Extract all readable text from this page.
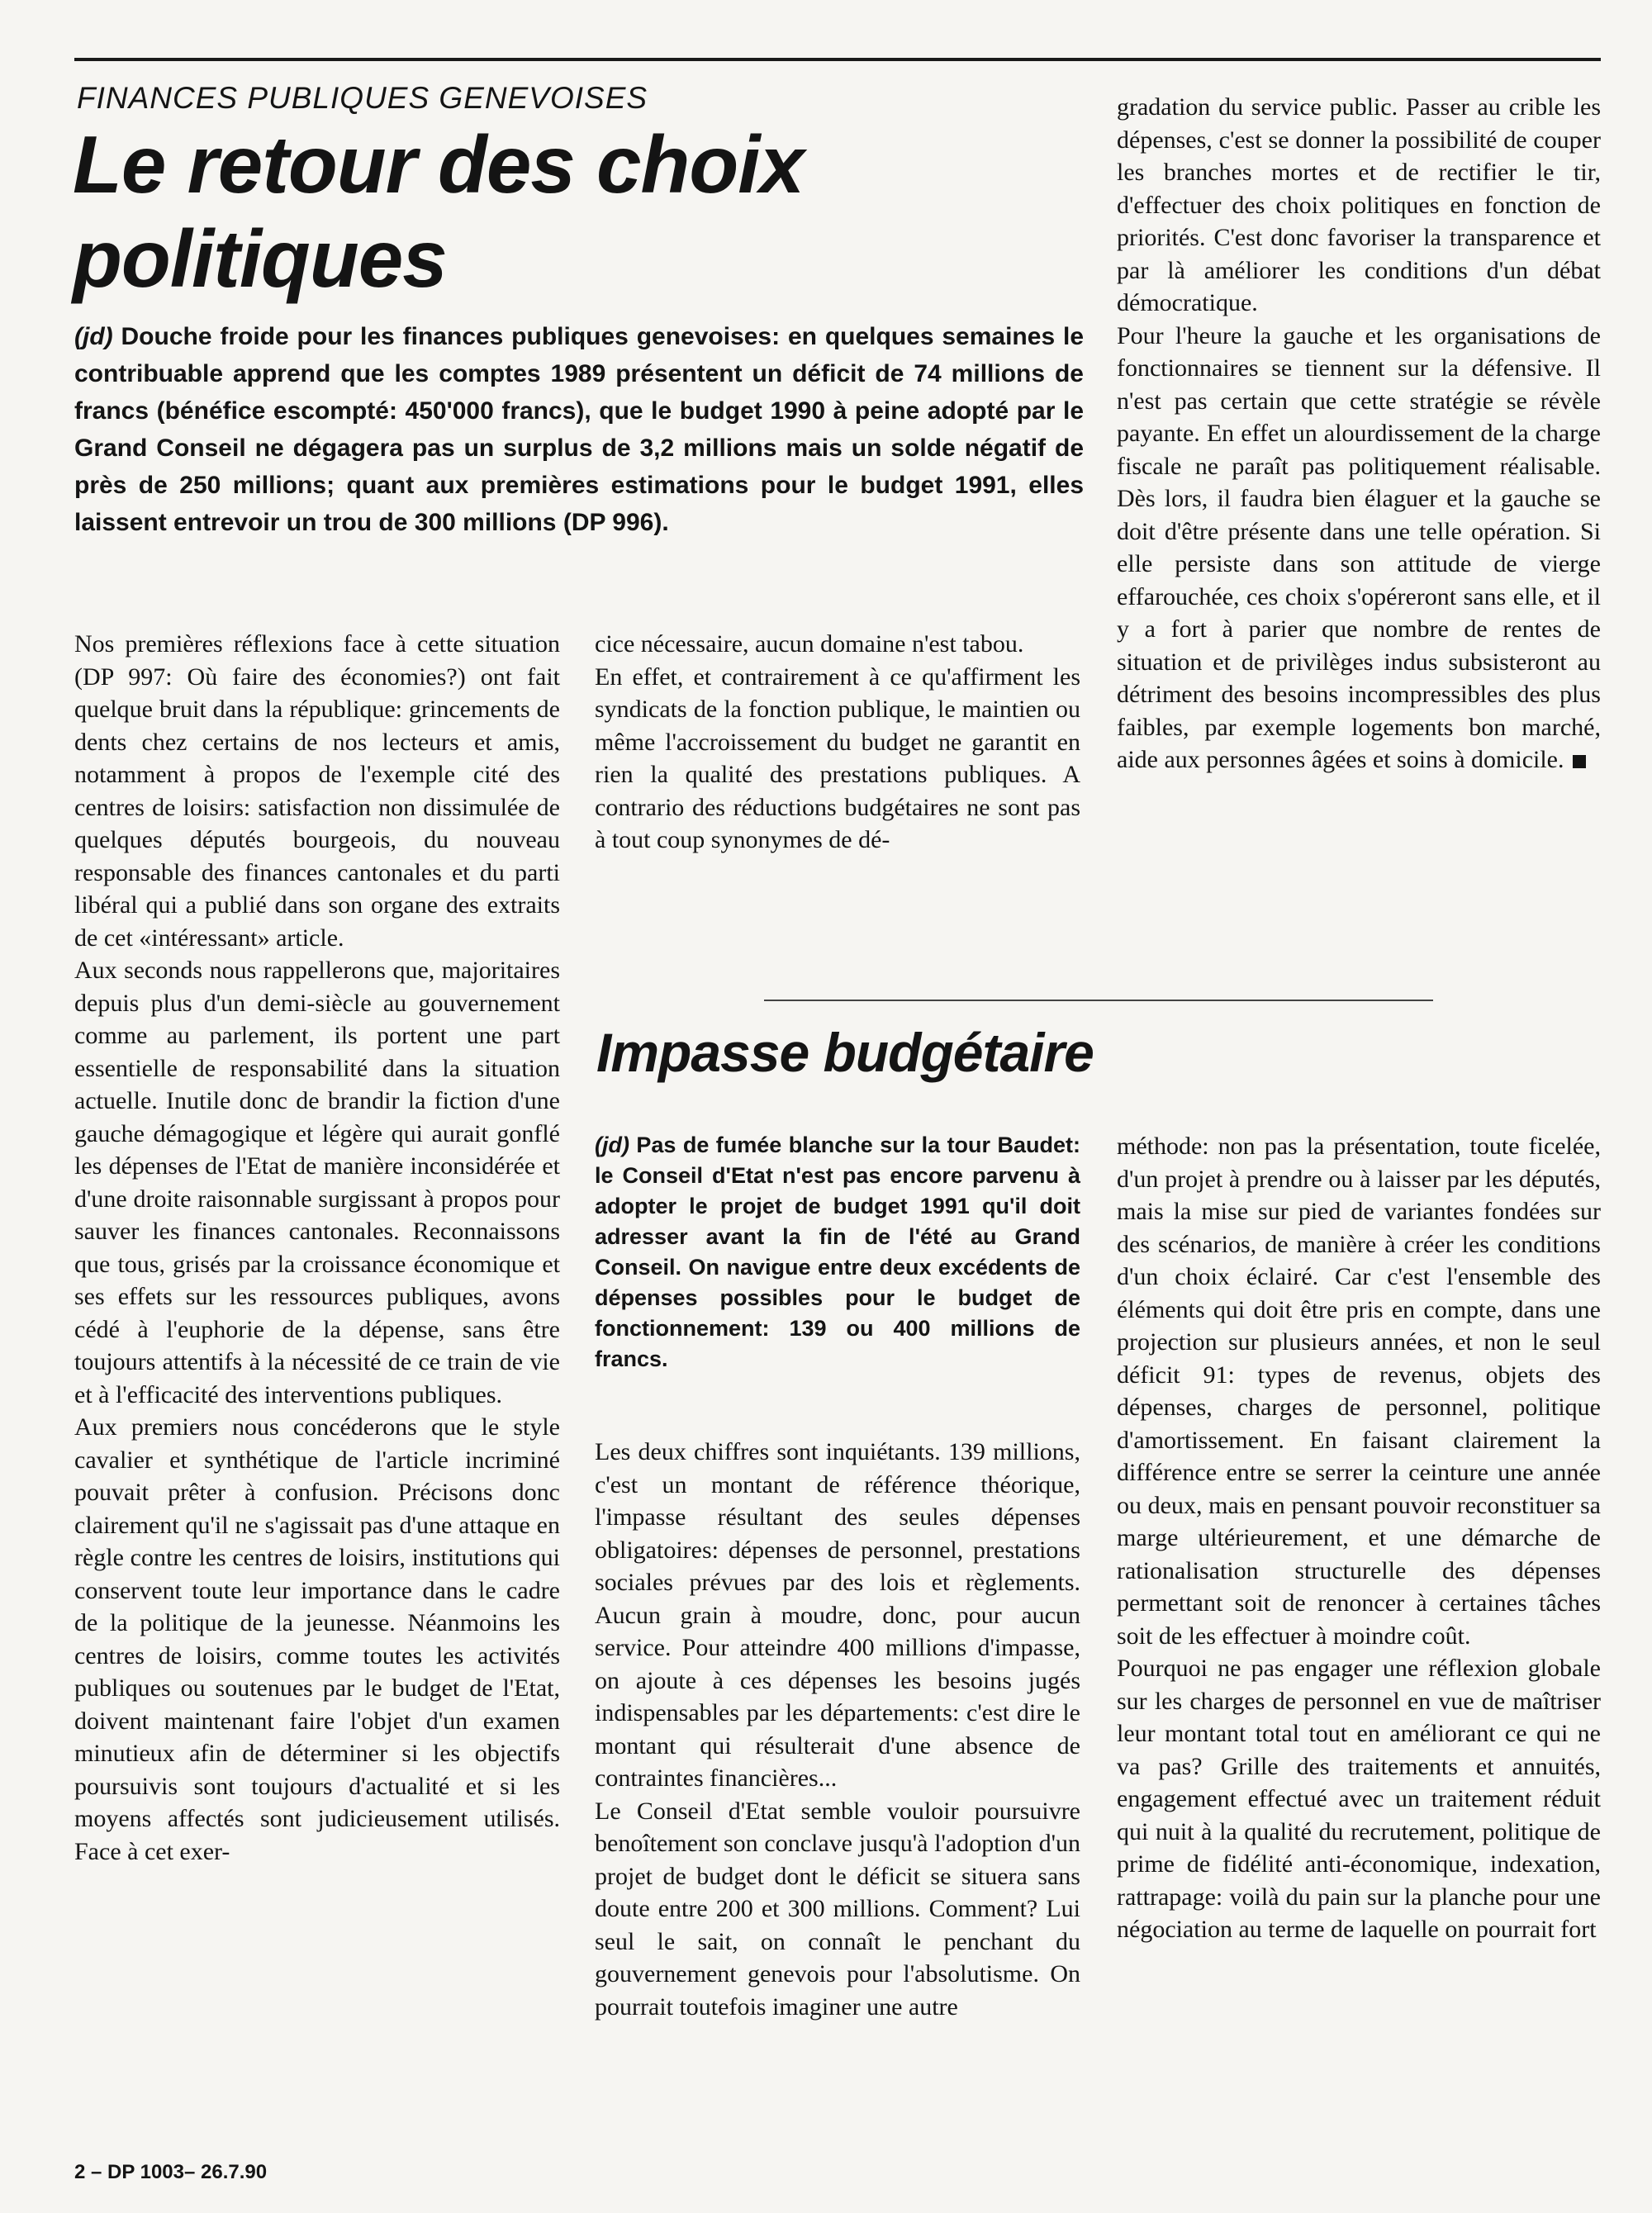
FINANCES PUBLIQUES GENEVOISES
Le retour des choix politiques

(jd) Douche froide pour les finances publiques genevoises: en quelques semaines le contribuable apprend que les comptes 1989 présentent un déficit de 74 millions de francs (bénéfice escompté: 450'000 francs), que le budget 1990 à peine adopté par le Grand Conseil ne dégagera pas un surplus de 3,2 millions mais un solde négatif de près de 250 millions; quant aux premières estimations pour le budget 1991, elles laissent entrevoir un trou de 300 millions (DP 996).

Nos premières réflexions face à cette situation (DP 997: Où faire des économies?) ont fait quelque bruit dans la république: grincements de dents chez certains de nos lecteurs et amis, notamment à propos de l'exemple cité des centres de loisirs: satisfaction non dissimulée de quelques députés bourgeois, du nouveau responsable des finances cantonales et du parti libéral qui a publié dans son organe des extraits de cet «intéressant» article.

Aux seconds nous rappellerons que, majoritaires depuis plus d'un demi-siècle au gouvernement comme au parlement, ils portent une part essentielle de responsabilité dans la situation actuelle. Inutile donc de brandir la fiction d'une gauche démagogique et légère qui aurait gonflé les dépenses de l'Etat de manière inconsidérée et d'une droite raisonnable surgissant à propos pour sauver les finances cantonales. Reconnaissons que tous, grisés par la croissance économique et ses effets sur les ressources publiques, avons cédé à l'euphorie de la dépense, sans être toujours attentifs à la nécessité de ce train de vie et à l'efficacité des interventions publiques.

Aux premiers nous concéderons que le style cavalier et synthétique de l'article incriminé pouvait prêter à confusion. Précisons donc clairement qu'il ne s'agissait pas d'une attaque en règle contre les centres de loisirs, institutions qui conservent toute leur importance dans le cadre de la politique de la jeunesse. Néanmoins les centres de loisirs, comme toutes les activités publiques ou soutenues par le budget de l'Etat, doivent maintenant faire l'objet d'un examen minutieux afin de déterminer si les objectifs poursuivis sont toujours d'actualité et si les moyens affectés sont judicieusement utilisés. Face à cet exer-

cice nécessaire, aucun domaine n'est tabou.

En effet, et contrairement à ce qu'affirment les syndicats de la fonction publique, le maintien ou même l'accroissement du budget ne garantit en rien la qualité des prestations publiques. A contrario des réductions budgétaires ne sont pas à tout coup synonymes de dé-

gradation du service public. Passer au crible les dépenses, c'est se donner la possibilité de couper les branches mortes et de rectifier le tir, d'effectuer des choix politiques en fonction de priorités. C'est donc favoriser la transparence et par là améliorer les conditions d'un débat démocratique.

Pour l'heure la gauche et les organisations de fonctionnaires se tiennent sur la défensive. Il n'est pas certain que cette stratégie se révèle payante. En effet un alourdissement de la charge fiscale ne paraît pas politiquement réalisable. Dès lors, il faudra bien élaguer et la gauche se doit d'être présente dans une telle opération. Si elle persiste dans son attitude de vierge effarouchée, ces choix s'opéreront sans elle, et il y a fort à parier que nombre de rentes de situation et de privilèges indus subsisteront au détriment des besoins incompressibles des plus faibles, par exemple logements bon marché, aide aux personnes âgées et soins à domicile.

Impasse budgétaire

(jd) Pas de fumée blanche sur la tour Baudet: le Conseil d'Etat n'est pas encore parvenu à adopter le projet de budget 1991 qu'il doit adresser avant la fin de l'été au Grand Conseil. On navigue entre deux excédents de dépenses possibles pour le budget de fonctionnement: 139 ou 400 millions de francs.

Les deux chiffres sont inquiétants. 139 millions, c'est un montant de référence théorique, l'impasse résultant des seules dépenses obligatoires: dépenses de personnel, prestations sociales prévues par des lois et règlements. Aucun grain à moudre, donc, pour aucun service. Pour atteindre 400 millions d'impasse, on ajoute à ces dépenses les besoins jugés indispensables par les départements: c'est dire le montant qui résulterait d'une absence de contraintes financières...

Le Conseil d'Etat semble vouloir poursuivre benoîtement son conclave jusqu'à l'adoption d'un projet de budget dont le déficit se situera sans doute entre 200 et 300 millions. Comment? Lui seul le sait, on connaît le penchant du gouvernement genevois pour l'absolutisme. On pourrait toutefois imaginer une autre

méthode: non pas la présentation, toute ficelée, d'un projet à prendre ou à laisser par les députés, mais la mise sur pied de variantes fondées sur des scénarios, de manière à créer les conditions d'un choix éclairé. Car c'est l'ensemble des éléments qui doit être pris en compte, dans une projection sur plusieurs années, et non le seul déficit 91: types de revenus, objets des dépenses, charges de personnel, politique d'amortissement. En faisant clairement la différence entre se serrer la ceinture une année ou deux, mais en pensant pouvoir reconstituer sa marge ultérieurement, et une démarche de rationalisation structurelle des dépenses permettant soit de renoncer à certaines tâches soit de les effectuer à moindre coût.

Pourquoi ne pas engager une réflexion globale sur les charges de personnel en vue de maîtriser leur montant total tout en améliorant ce qui ne va pas? Grille des traitements et annuités, engagement effectué avec un traitement réduit qui nuit à la qualité du recrutement, politique de prime de fidélité anti-économique, indexation, rattrapage: voilà du pain sur la planche pour une négociation au terme de laquelle on pourrait fort

2 – DP 1003– 26.7.90
